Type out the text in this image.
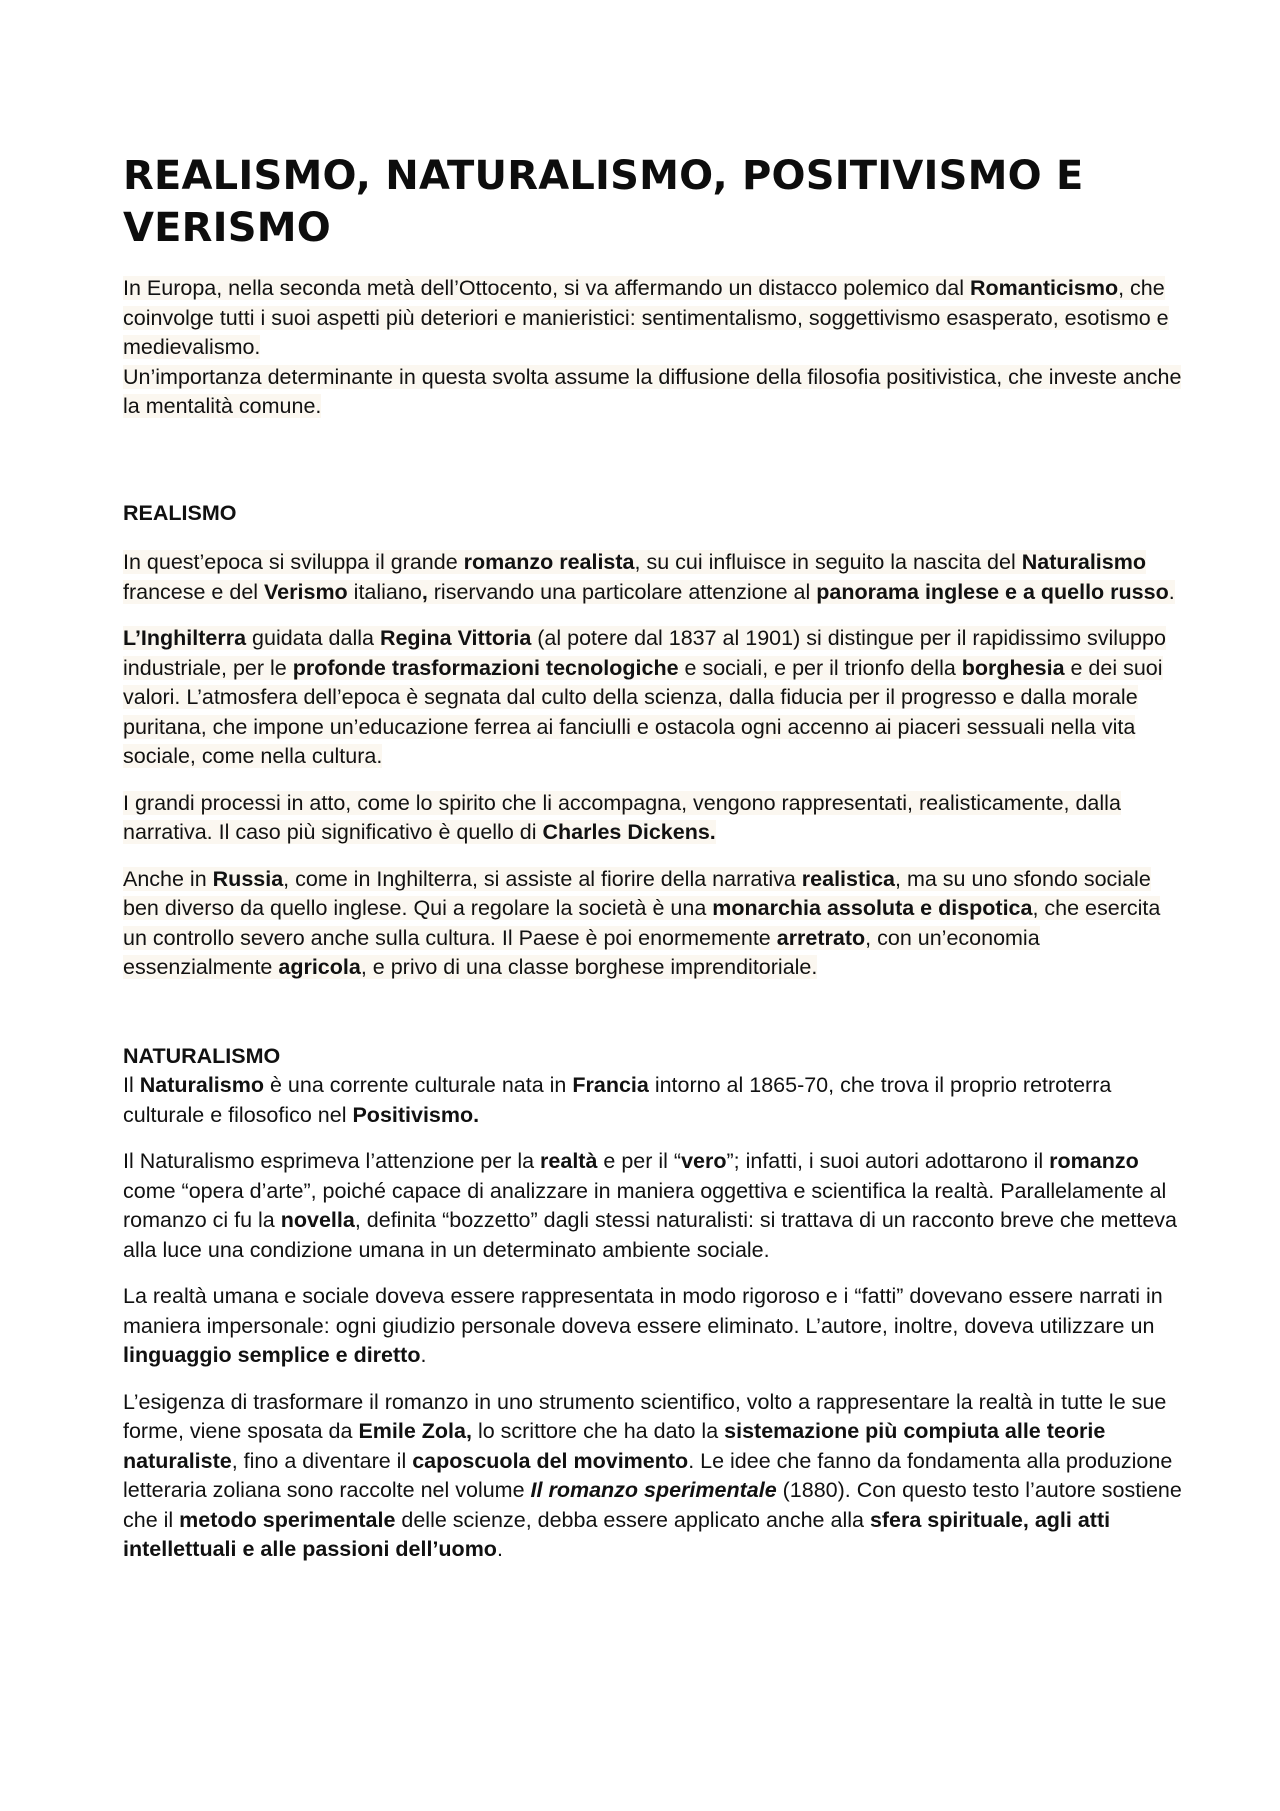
REALISMO, NATURALISMO, POSITIVISMO E VERISMO

In Europa, nella seconda metà dell’Ottocento, si va affermando un distacco polemico dal Romanticismo, che coinvolge tutti i suoi aspetti più deteriori e manieristici: sentimentalismo, soggettivismo esasperato, esotismo e medievalismo.

Un’importanza determinante in questa svolta assume la diffusione della filosofia positivistica, che investe anche la mentalità comune.

REALISMO

In quest’epoca si sviluppa il grande romanzo realista, su cui influisce in seguito la nascita del Naturalismo francese e del Verismo italiano, riservando una particolare attenzione al panorama inglese e a quello russo.

L’Inghilterra guidata dalla Regina Vittoria (al potere dal 1837 al 1901) si distingue per il rapidissimo sviluppo industriale, per le profonde trasformazioni tecnologiche e sociali, e per il trionfo della borghesia e dei suoi valori. L’atmosfera dell’epoca è segnata dal culto della scienza, dalla fiducia per il progresso e dalla morale puritana, che impone un’educazione ferrea ai fanciulli e ostacola ogni accenno ai piaceri sessuali nella vita sociale, come nella cultura.

I grandi processi in atto, come lo spirito che li accompagna, vengono rappresentati, realisticamente, dalla narrativa. Il caso più significativo è quello di Charles Dickens.

Anche in Russia, come in Inghilterra, si assiste al fiorire della narrativa realistica, ma su uno sfondo sociale ben diverso da quello inglese. Qui a regolare la società è una monarchia assoluta e dispotica, che esercita un controllo severo anche sulla cultura. Il Paese è poi enormemente arretrato, con un’economia essenzialmente agricola, e privo di una classe borghese imprenditoriale.

NATURALISMO

Il Naturalismo è una corrente culturale nata in Francia intorno al 1865-70, che trova il proprio retroterra culturale e filosofico nel Positivismo.

Il Naturalismo esprimeva l’attenzione per la realtà e per il “vero”; infatti, i suoi autori adottarono il romanzo come “opera d’arte”, poiché capace di analizzare in maniera oggettiva e scientifica la realtà. Parallelamente al romanzo ci fu la novella, definita “bozzetto” dagli stessi naturalisti: si trattava di un racconto breve che metteva alla luce una condizione umana in un determinato ambiente sociale.

La realtà umana e sociale doveva essere rappresentata in modo rigoroso e i “fatti” dovevano essere narrati in maniera impersonale: ogni giudizio personale doveva essere eliminato. L’autore, inoltre, doveva utilizzare un linguaggio semplice e diretto.

L’esigenza di trasformare il romanzo in uno strumento scientifico, volto a rappresentare la realtà in tutte le sue forme, viene sposata da Emile Zola, lo scrittore che ha dato la sistemazione più compiuta alle teorie naturaliste, fino a diventare il caposcuola del movimento. Le idee che fanno da fondamenta alla produzione letteraria zoliana sono raccolte nel volume Il romanzo sperimentale (1880). Con questo testo l’autore sostiene che il metodo sperimentale delle scienze, debba essere applicato anche alla sfera spirituale, agli atti intellettuali e alle passioni dell’uomo.
